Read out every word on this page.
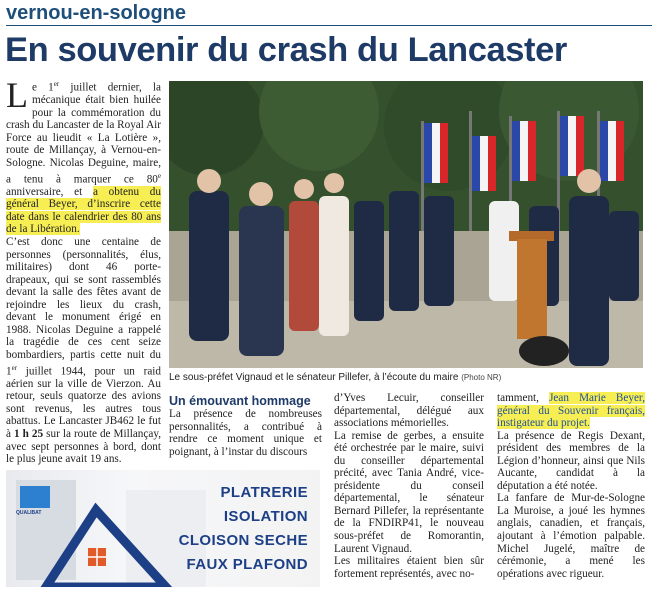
vernou-en-sologne
En souvenir du crash du Lancaster

Le 1er juillet dernier, la mécanique était bien huilée pour la commémoration du crash du Lancaster de la Royal Air Force au lieudit « La Lotière », route de Millançay, à Vernou-en-Sologne. Nicolas Deguine, maire, a tenu à marquer ce 80e anniversaire, et a obtenu du général Beyer, d’inscrire cette date dans le calendrier des 80 ans de la Libération.

C’est donc une centaine de personnes (personnalités, élus, militaires) dont 46 porte-drapeaux, qui se sont rassemblés devant la salle des fêtes avant de rejoindre les lieux du crash, devant le monument érigé en 1988. Nicolas Deguine a rappelé la tragédie de ces cent seize bombardiers, partis cette nuit du 1er juillet 1944, pour un raid aérien sur la ville de Vierzon. Au retour, seuls quatorze des avions sont revenus, les autres tous abattus. Le Lancaster JB462 le fut à 1 h 25 sur la route de Millançay, avec sept personnes à bord, dont le plus jeune avait 19 ans.

Le sous-préfet Vignaud et le sénateur Pillefer, à l’écoute du maire (Photo NR)
Un émouvant hommage

La présence de nombreuses personnalités, a contribué à rendre ce moment unique et poignant, à l’instar du discours

d’Yves Lecuir, conseiller départemental, délégué aux associations mémorielles.

La remise de gerbes, a ensuite été orchestrée par le maire, suivi du conseiller départemental précité, avec Tania André, vice-présidente du conseil départemental, le sénateur Bernard Pillefer, la représentante de la FNDIRP41, le nouveau sous-préfet de Romorantin, Laurent Vignaud.

Les militaires étaient bien sûr fortement représentés, avec no-

tamment, Jean Marie Beyer, général du Souvenir français, instigateur du projet.

La présence de Regis Dexant, président des membres de la Légion d’honneur, ainsi que Nils Aucante, candidat à la députation a été notée.

La fanfare de Mur-de-Sologne La Muroise, a joué les hymnes anglais, canadien, et français, ajoutant à l’émotion palpable. Michel Jugelé, maître de cérémonie, a mené les opérations avec rigueur.

QUALIBAT
PLATRERIE
ISOLATION
CLOISON SECHE
FAUX PLAFOND
